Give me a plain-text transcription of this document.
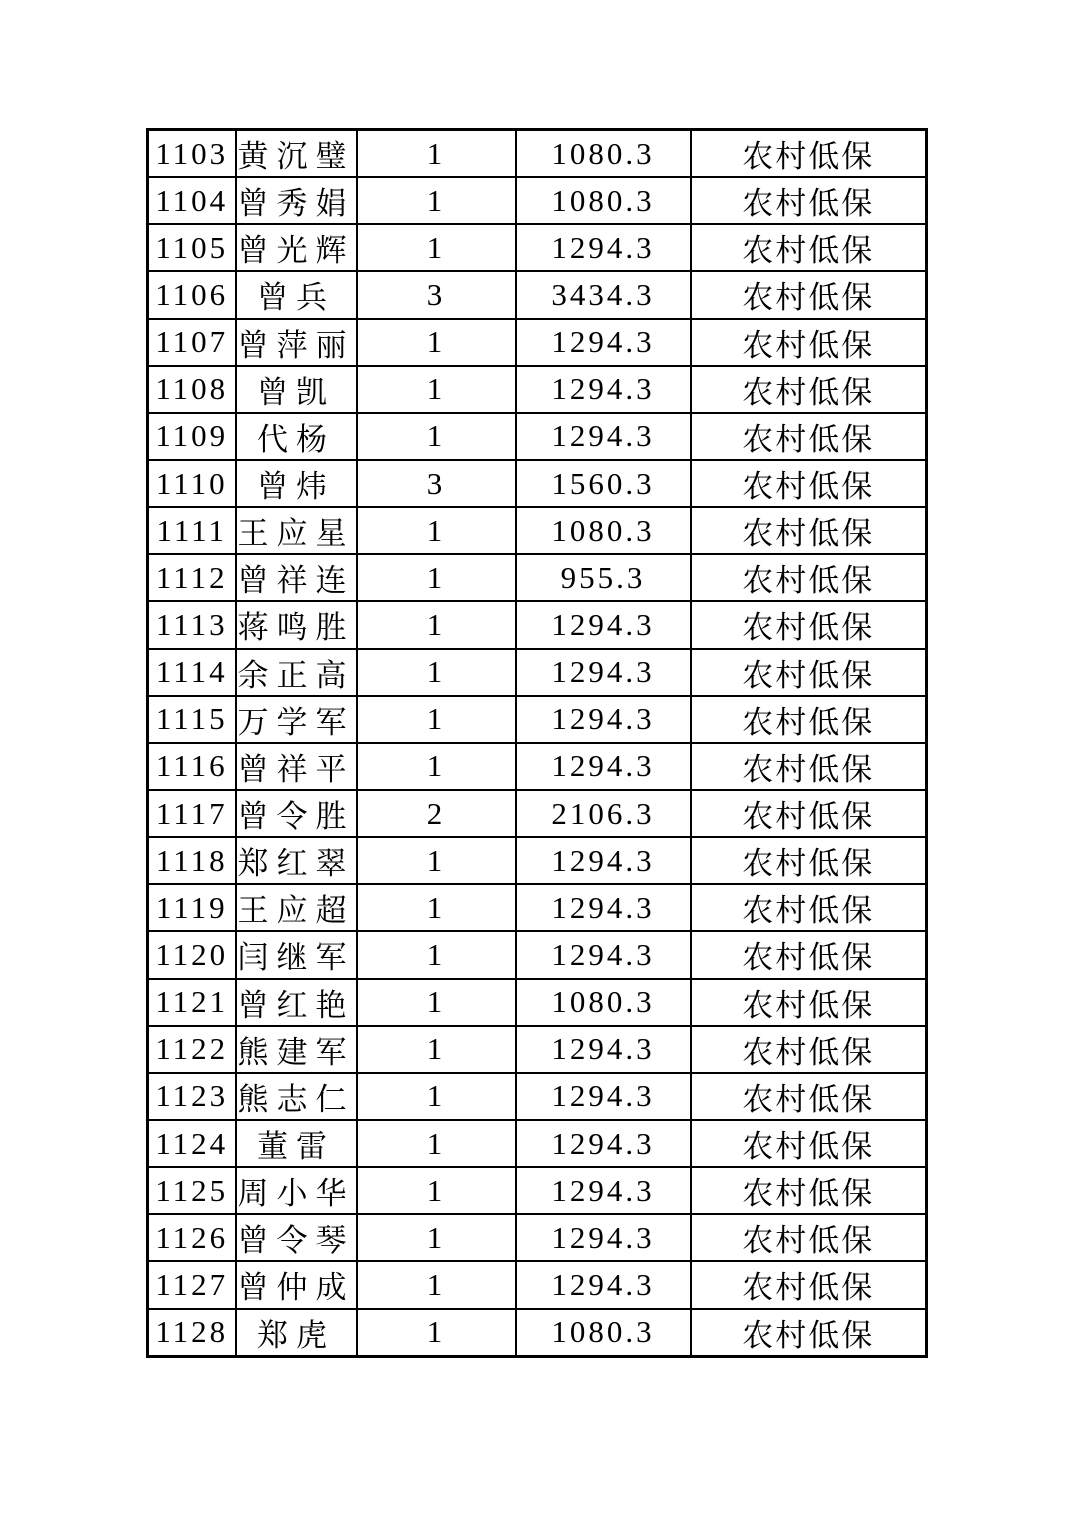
1103	黄沉璧	1	1080.3	农村低保
1104	曾秀娟	1	1080.3	农村低保
1105	曾光辉	1	1294.3	农村低保
1106	曾兵	3	3434.3	农村低保
1107	曾萍丽	1	1294.3	农村低保
1108	曾凯	1	1294.3	农村低保
1109	代杨	1	1294.3	农村低保
1110	曾炜	3	1560.3	农村低保
1111	王应星	1	1080.3	农村低保
1112	曾祥连	1	955.3	农村低保
1113	蒋鸣胜	1	1294.3	农村低保
1114	余正高	1	1294.3	农村低保
1115	万学军	1	1294.3	农村低保
1116	曾祥平	1	1294.3	农村低保
1117	曾令胜	2	2106.3	农村低保
1118	郑红翠	1	1294.3	农村低保
1119	王应超	1	1294.3	农村低保
1120	闫继军	1	1294.3	农村低保
1121	曾红艳	1	1080.3	农村低保
1122	熊建军	1	1294.3	农村低保
1123	熊志仁	1	1294.3	农村低保
1124	董雷	1	1294.3	农村低保
1125	周小华	1	1294.3	农村低保
1126	曾令琴	1	1294.3	农村低保
1127	曾仲成	1	1294.3	农村低保
1128	郑虎	1	1080.3	农村低保
